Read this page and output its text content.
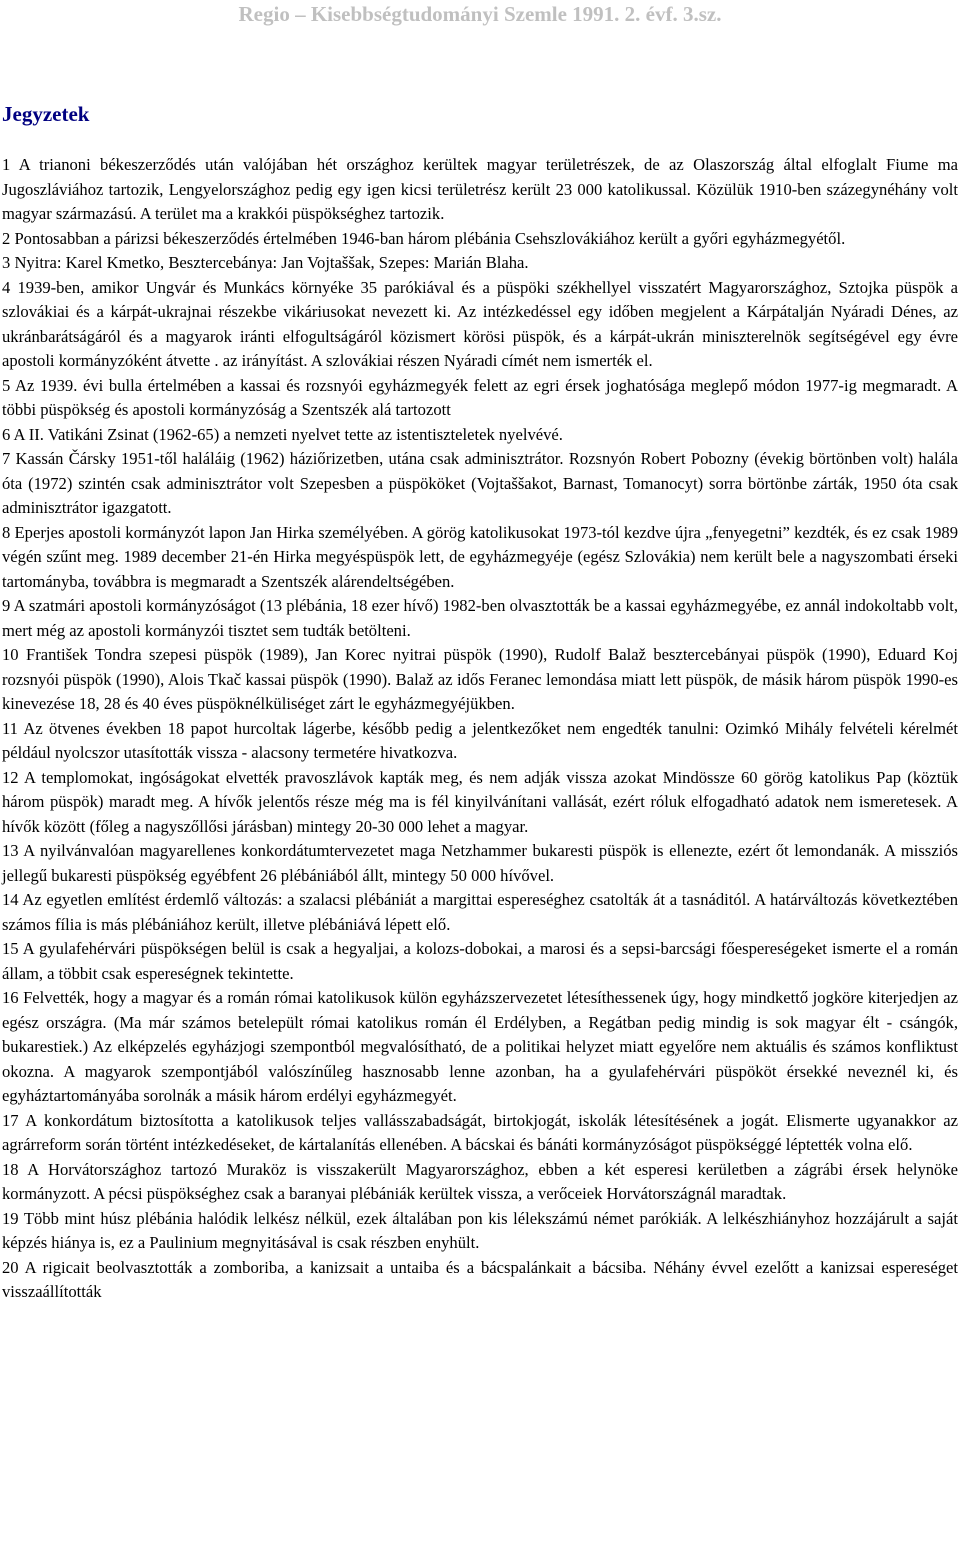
Regio – Kisebbségtudományi Szemle 1991. 2. évf. 3.sz.
Jegyzetek

1 A trianoni békeszerződés után valójában hét országhoz kerültek magyar területrészek, de az Olaszország által elfoglalt Fiume ma Jugoszláviához tartozik, Lengyelországhoz pedig egy igen kicsi területrész került 23 000 katolikussal. Közülük 1910-ben százegynéhány volt magyar származású. A terület ma a krakkói püspökséghez tartozik.

2 Pontosabban a párizsi békeszerződés értelmében 1946-ban három plébánia Csehszlovákiához került a győri egyházmegyétől.

3 Nyitra: Karel Kmetko, Besztercebánya: Jan Vojtaššak, Szepes: Marián Blaha.

4 1939-ben, amikor Ungvár és Munkács környéke 35 parókiával és a püspöki székhellyel visszatért Magyarországhoz, Sztojka püspök a szlovákiai és a kárpát-ukrajnai részekbe vikáriusokat nevezett ki. Az intézkedéssel egy időben megjelent a Kárpátalján Nyáradi Dénes, az ukránbarátságáról és a magyarok iránti elfogultságáról közismert körösi püspök, és a kárpát-ukrán miniszterelnök segítségével egy évre apostoli kormányzóként átvette . az irányítást. A szlovákiai részen Nyáradi címét nem ismerték el.

5 Az 1939. évi bulla értelmében a kassai és rozsnyói egyházmegyék felett az egri érsek joghatósága meglepő módon 1977-ig megmaradt. A többi püspökség és apostoli kormányzóság a Szentszék alá tartozott

6 A II. Vatikáni Zsinat (1962-65) a nemzeti nyelvet tette az istentiszteletek nyelvévé.

7 Kassán Čársky 1951-től haláláig (1962) háziőrizetben, utána csak adminisztrátor. Rozsnyón Robert Pobozny (évekig börtönben volt) halála óta (1972) szintén csak adminisztrátor volt Szepesben a püspököket (Vojtaššakot, Barnast, Tomanocyt) sorra börtönbe zárták, 1950 óta csak adminisztrátor igazgatott.

8 Eperjes apostoli kormányzót lapon Jan Hirka személyében. A görög katolikusokat 1973-tól kezdve újra „fenyegetni” kezdték, és ez csak 1989 végén szűnt meg. 1989 december 21-én Hirka megyéspüspök lett, de egyházmegyéje (egész Szlovákia) nem került bele a nagyszombati érseki tartományba, továbbra is megmaradt a Szentszék alárendeltségében.

9 A szatmári apostoli kormányzóságot (13 plébánia, 18 ezer hívő) 1982-ben olvasztották be a kassai egyházmegyébe, ez annál indokoltabb volt, mert még az apostoli kormányzói tisztet sem tudták betölteni.

10 František Tondra szepesi püspök (1989), Jan Korec nyitrai püspök (1990), Rudolf Balaž besztercebányai püspök (1990), Eduard Koj rozsnyói püspök (1990), Alois Tkač kassai püspök (1990). Balaž az idős Feranec lemondása miatt lett püspök, de másik három püspök 1990-es kinevezése 18, 28 és 40 éves püspöknélküliséget zárt le egyházmegyéjükben.

11 Az ötvenes években 18 papot hurcoltak lágerbe, később pedig a jelentkezőket nem engedték tanulni: Ozimkó Mihály felvételi kérelmét például nyolcszor utasították vissza - alacsony termetére hivatkozva.

12 A templomokat, ingóságokat elvették pravoszlávok kapták meg, és nem adják vissza azokat Mindössze 60 görög katolikus Pap (köztük három püspök) maradt meg. A hívők jelentős része még ma is fél kinyilvánítani vallását, ezért róluk elfogadható adatok nem ismeretesek. A hívők között (főleg a nagyszőllősi járásban) mintegy 20-30 000 lehet a magyar.

13 A nyilvánvalóan magyarellenes konkordátumtervezetet maga Netzhammer bukaresti püspök is ellenezte, ezért őt lemondanák. A missziós jellegű bukaresti püspökség egyébfent 26 plébániából állt, mintegy 50 000 hívővel.

14 Az egyetlen említést érdemlő változás: a szalacsi plébániát a margittai espereséghez csatolták át a tasnáditól. A határváltozás következtében számos fília is más plébániához került, illetve plébániává lépett elő.

15 A gyulafehérvári püspökségen belül is csak a hegyaljai, a kolozs-dobokai, a marosi és a sepsi-barcsági főespereségeket ismerte el a román állam, a többit csak espereségnek tekintette.

16 Felvették, hogy a magyar és a román római katolikusok külön egyházszervezetet létesíthessenek úgy, hogy mindkettő jogköre kiterjedjen az egész országra. (Ma már számos betelepült római katolikus román él Erdélyben, a Regátban pedig mindig is sok magyar élt - csángók, bukarestiek.) Az elképzelés egyházjogi szempontból megvalósítható, de a politikai helyzet miatt egyelőre nem aktuális és számos konfliktust okozna. A magyarok szempontjából valószínűleg hasznosabb lenne azonban, ha a gyulafehérvári püspököt érsekké neveznél ki, és egyháztartományába sorolnák a másik három erdélyi egyházmegyét.

17 A konkordátum biztosította a katolikusok teljes vallásszabadságát, birtokjogát, iskolák létesítésének a jogát. Elismerte ugyanakkor az agrárreform során történt intézkedéseket, de kártalanítás ellenében. A bácskai és bánáti kormányzóságot püspökséggé léptették volna elő.

18 A Horvátországhoz tartozó Muraköz is visszakerült Magyarországhoz, ebben a két esperesi kerületben a zágrábi érsek helynöke kormányzott. A pécsi püspökséghez csak a baranyai plébániák kerültek vissza, a verőceiek Horvátországnál maradtak.

19 Több mint húsz plébánia halódik lelkész nélkül, ezek általában pon kis lélekszámú német parókiák. A lelkészhiányhoz hozzájárult a saját képzés hiánya is, ez a Paulinium megnyitásával is csak részben enyhült.

20 A rigicait beolvasztották a zomboriba, a kanizsait a untaiba és a bácspalánkait a bácsiba. Néhány évvel ezelőtt a kanizsai espereséget visszaállították
